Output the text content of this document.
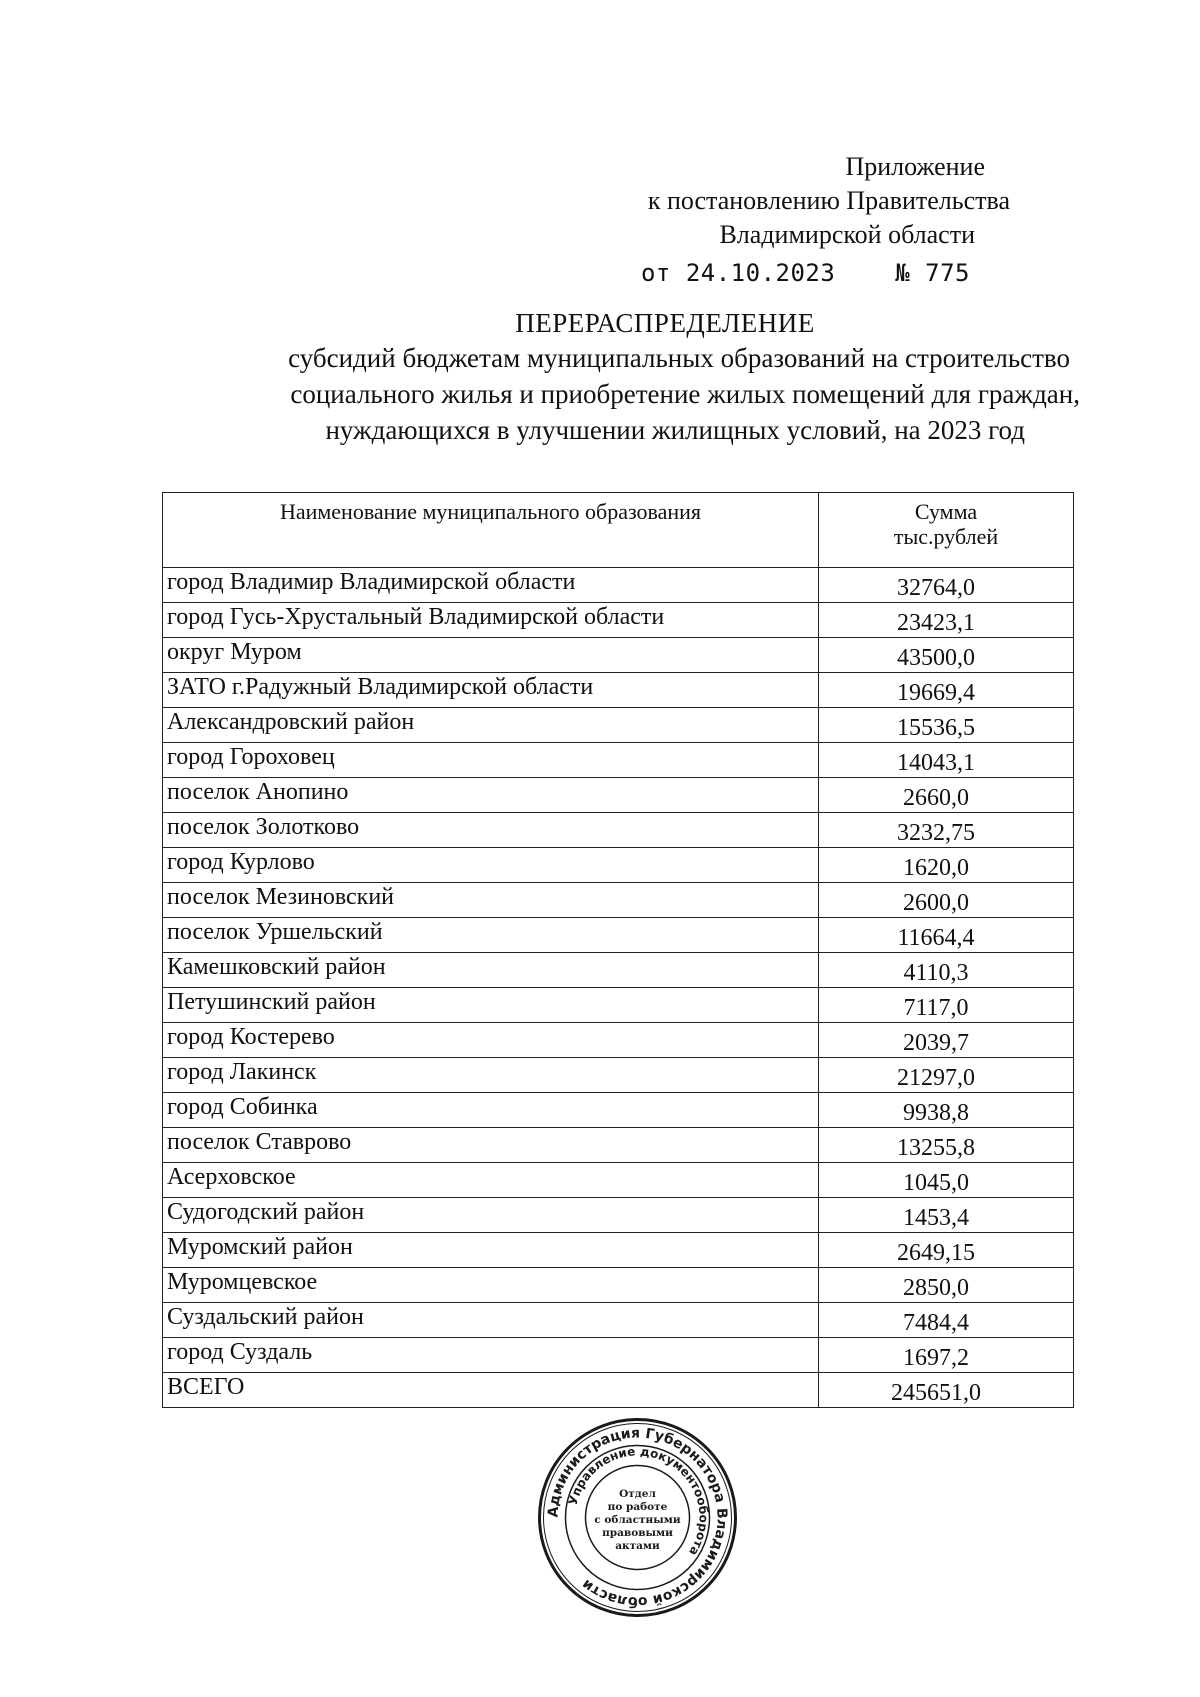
Приложение
к постановлению Правительства
Владимирской области
от 24.10.2023 № 775
ПЕРЕРАСПРЕДЕЛЕНИЕ
субсидий бюджетам муниципальных образований на строительство
социального жилья и приобретение жилых помещений для граждан,
нуждающихся в улучшении жилищных условий, на 2023 год
Наименование муниципального образования	Сумма
тыс.рублей

город Владимир Владимирской области	32764,0
город Гусь-Хрустальный Владимирской области	23423,1
округ Муром	43500,0
ЗАТО г.Радужный Владимирской области	19669,4
Александровский район	15536,5
город Гороховец	14043,1
поселок Анопино	2660,0
поселок Золотково	3232,75
город Курлово	1620,0
поселок Мезиновский	2600,0
поселок Уршельский	11664,4
Камешковский район	4110,3
Петушинский район	7117,0
город Костерево	2039,7
город Лакинск	21297,0
город Собинка	9938,8
поселок Ставрово	13255,8
Асерховское	1045,0
Судогодский район	1453,4
Муромский район	2649,15
Муромцевское	2850,0
Суздальский район	7484,4
город Суздаль	1697,2
ВСЕГО	245651,0
Администрация Губернатора Владимирской области
Управление документооборота
Отдел
по работе
с областными
правовыми
актами
